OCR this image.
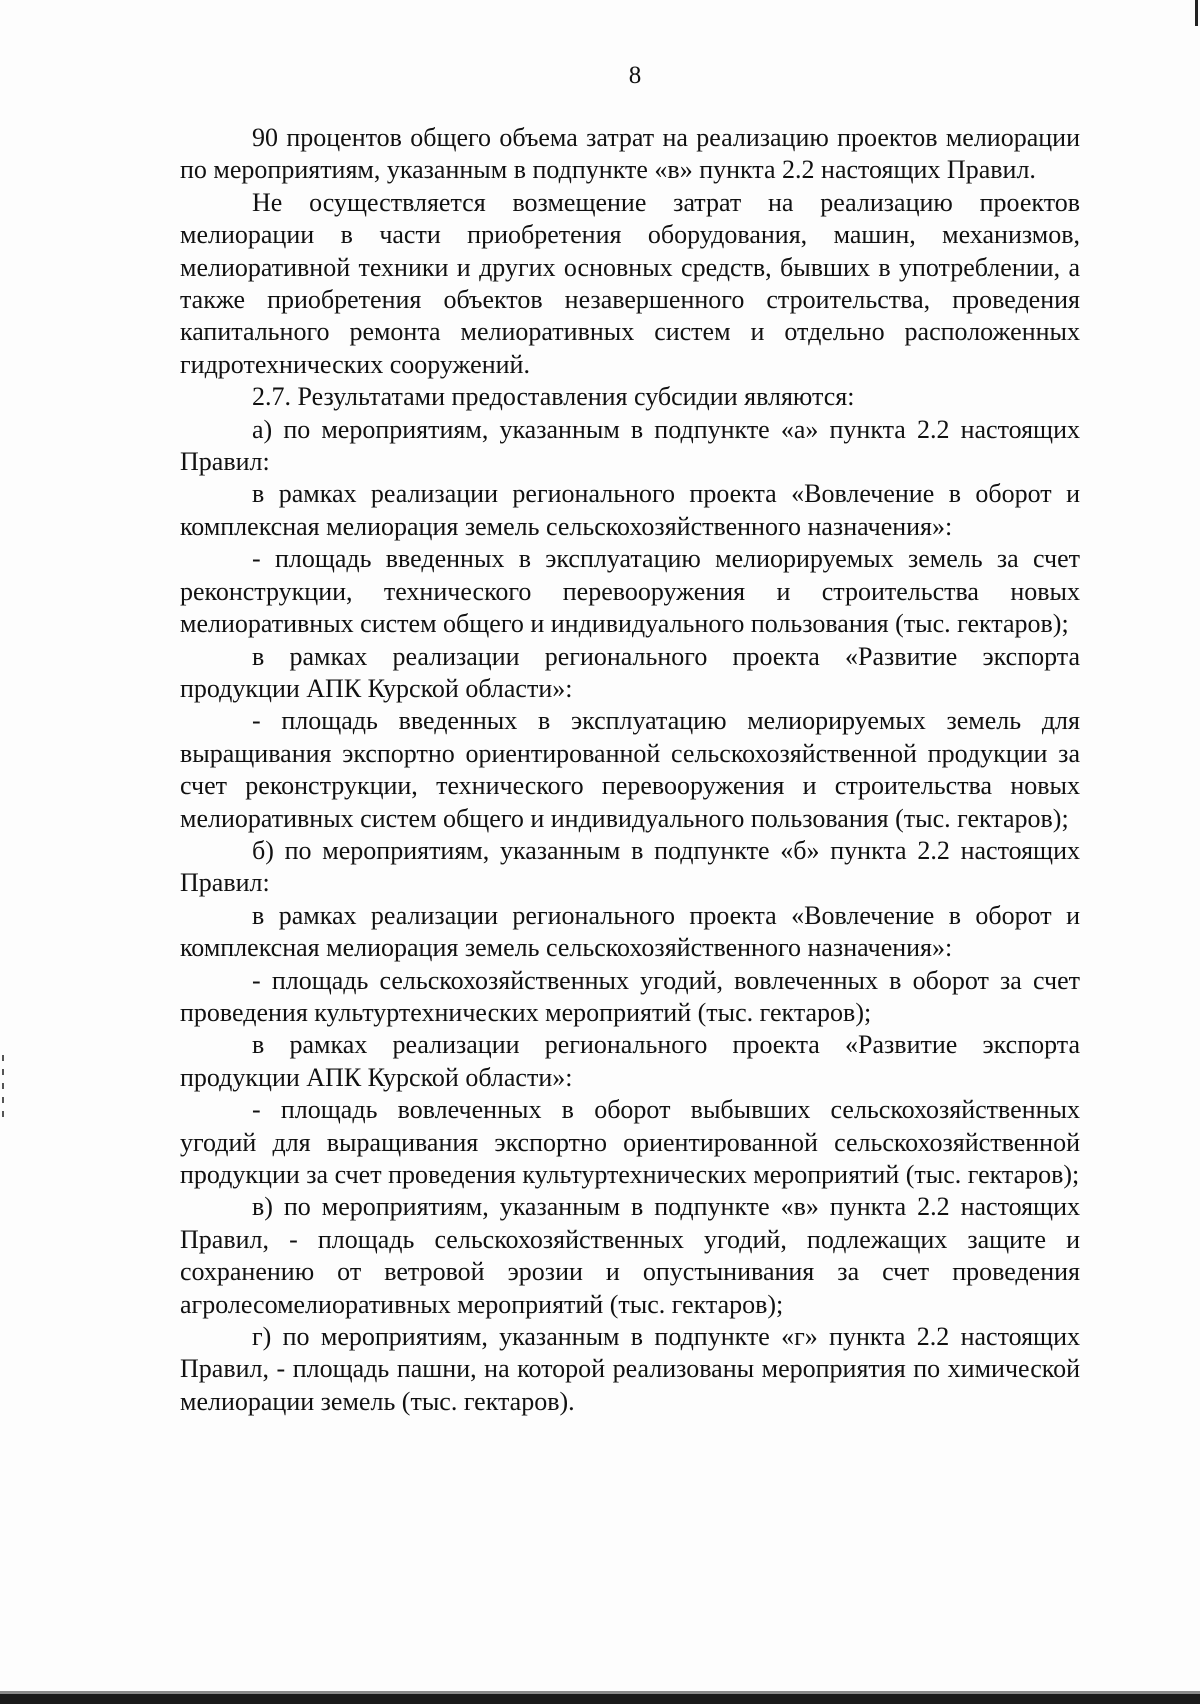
8

90 процентов общего объема затрат на реализацию проектов мелиорации по мероприятиям, указанным в подпункте «в» пункта 2.2 настоящих Правил.

Не осуществляется возмещение затрат на реализацию проектов мелиорации в части приобретения оборудования, машин, механизмов, мелиоративной техники и других основных средств, бывших в употреблении, а также приобретения объектов незавершенного строительства, проведения капитального ремонта мелиоративных систем и отдельно расположенных гидротехнических сооружений.

2.7. Результатами предоставления субсидии являются:

а) по мероприятиям, указанным в подпункте «а» пункта 2.2 настоящих Правил:

в рамках реализации регионального проекта «Вовлечение в оборот и комплексная мелиорация земель сельскохозяйственного назначения»:

- площадь введенных в эксплуатацию мелиорируемых земель за счет реконструкции, технического перевооружения и строительства новых мелиоративных систем общего и индивидуального пользования (тыс. гектаров);

в рамках реализации регионального проекта «Развитие экспорта продукции АПК Курской области»:

- площадь введенных в эксплуатацию мелиорируемых земель для выращивания экспортно ориентированной сельскохозяйственной продукции за счет реконструкции, технического перевооружения и строительства новых мелиоративных систем общего и индивидуального пользования (тыс. гектаров);

б) по мероприятиям, указанным в подпункте «б» пункта 2.2 настоящих Правил:

в рамках реализации регионального проекта «Вовлечение в оборот и комплексная мелиорация земель сельскохозяйственного назначения»:

- площадь сельскохозяйственных угодий, вовлеченных в оборот за счет проведения культуртехнических мероприятий (тыс. гектаров);

в рамках реализации регионального проекта «Развитие экспорта продукции АПК Курской области»:

- площадь вовлеченных в оборот выбывших сельскохозяйственных угодий для выращивания экспортно ориентированной сельскохозяйственной продукции за счет проведения культуртехнических мероприятий (тыс. гектаров);

в) по мероприятиям, указанным в подпункте «в» пункта 2.2 настоящих Правил, - площадь сельскохозяйственных угодий, подлежащих защите и сохранению от ветровой эрозии и опустынивания за счет проведения агролесомелиоративных мероприятий (тыс. гектаров);

г) по мероприятиям, указанным в подпункте «г» пункта 2.2 настоящих Правил, - площадь пашни, на которой реализованы мероприятия по химической мелиорации земель (тыс. гектаров).
